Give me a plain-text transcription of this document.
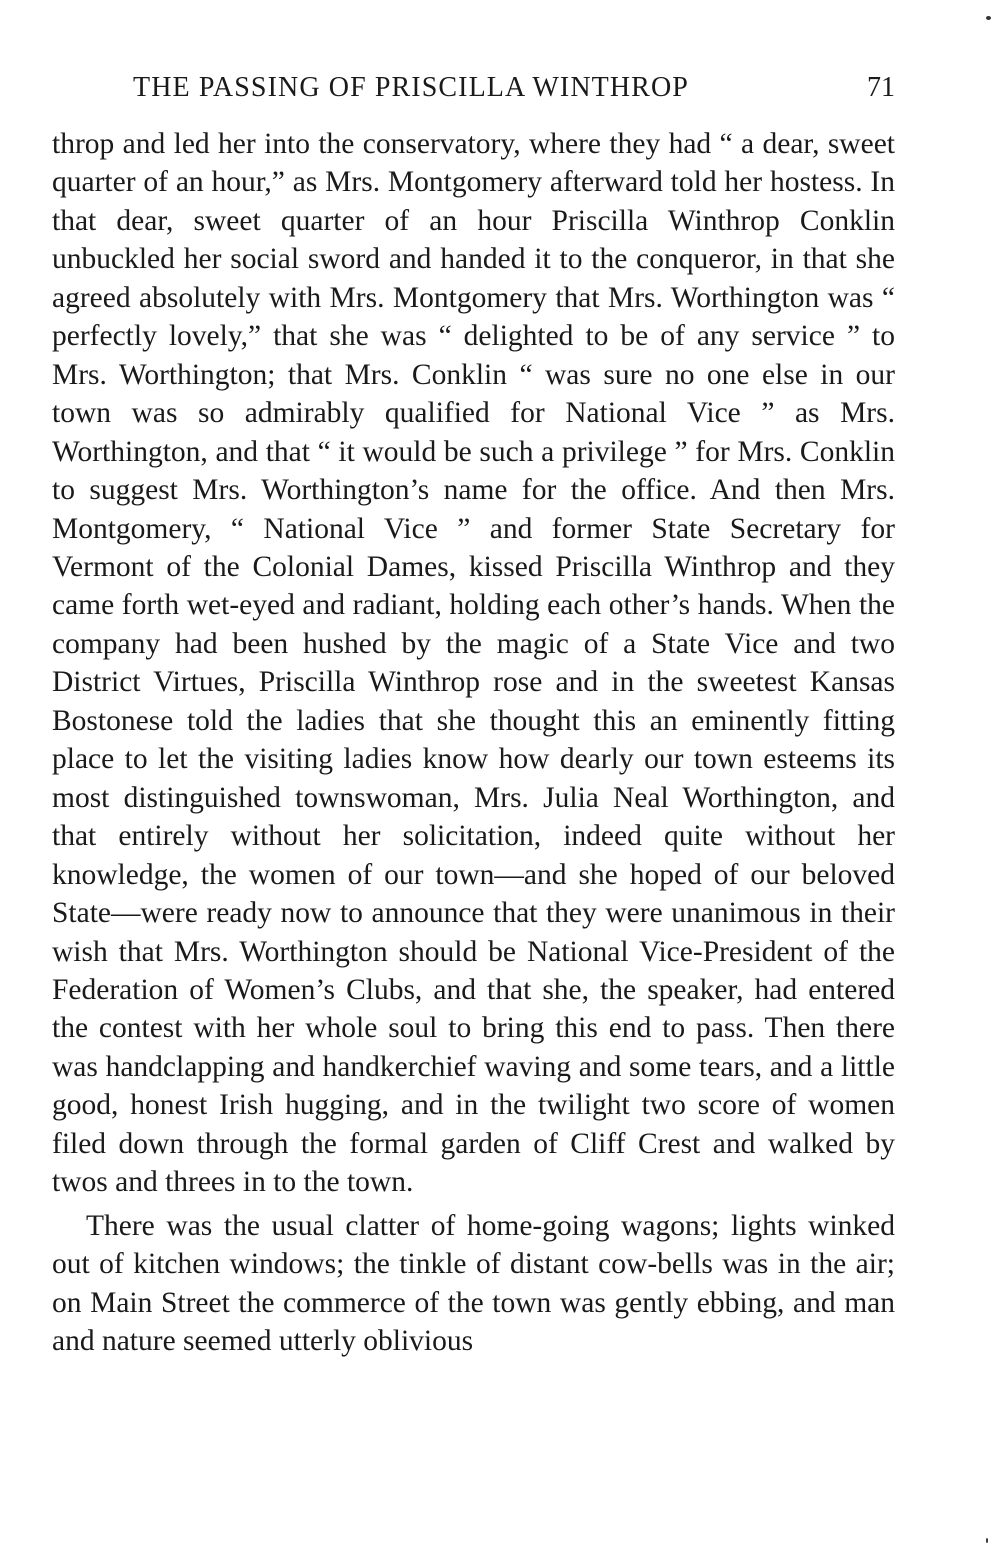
THE PASSING OF PRISCILLA WINTHROP	71

throp and led her into the conservatory, where they had “ a dear, sweet quarter of an hour,” as Mrs. Montgomery afterward told her hostess. In that dear, sweet quarter of an hour Priscilla Winthrop Conklin unbuckled her social sword and handed it to the conqueror, in that she agreed absolutely with Mrs. Montgomery that Mrs. Worthington was “ perfectly lovely,” that she was “ delighted to be of any service ” to Mrs. Worthington; that Mrs. Conklin “ was sure no one else in our town was so admirably qualified for National Vice ” as Mrs. Worthington, and that “ it would be such a privilege ” for Mrs. Conklin to suggest Mrs. Worthington’s name for the office. And then Mrs. Montgomery, “ National Vice ” and former State Secretary for Vermont of the Colonial Dames, kissed Priscilla Winthrop and they came forth wet-eyed and radiant, holding each other’s hands. When the company had been hushed by the magic of a State Vice and two District Virtues, Priscilla Winthrop rose and in the sweetest Kansas Bostonese told the ladies that she thought this an eminently fitting place to let the visiting ladies know how dearly our town esteems its most distinguished townswoman, Mrs. Julia Neal Worthington, and that entirely without her solicitation, indeed quite without her knowledge, the women of our town—and she hoped of our beloved State—were ready now to announce that they were unanimous in their wish that Mrs. Worthington should be National Vice-President of the Federation of Women’s Clubs, and that she, the speaker, had entered the contest with her whole soul to bring this end to pass. Then there was handclapping and handkerchief waving and some tears, and a little good, honest Irish hugging, and in the twilight two score of women filed down through the formal garden of Cliff Crest and walked by twos and threes in to the town.

There was the usual clatter of home-going wagons; lights winked out of kitchen windows; the tinkle of distant cow-bells was in the air; on Main Street the commerce of the town was gently ebbing, and man and nature seemed utterly oblivious
